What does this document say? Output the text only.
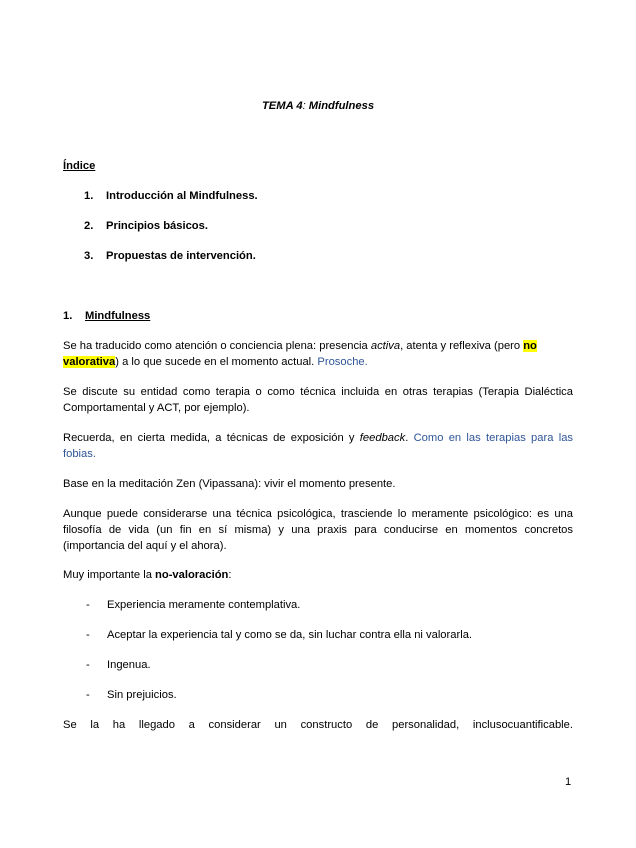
TEMA 4: Mindfulness
Índice
1. Introducción al Mindfulness.
2. Principios básicos.
3. Propuestas de intervención.
1. Mindfulness
Se ha traducido como atención o conciencia plena: presencia activa, atenta y reflexiva (pero no
valorativa) a lo que sucede en el momento actual. Prosoche.
Se discute su entidad como terapia o como técnica incluida en otras terapias (Terapia Dialéctica Comportamental y ACT, por ejemplo).
Recuerda, en cierta medida, a técnicas de exposición y feedback. Como en las terapias para las fobias.
Base en la meditación Zen (Vipassana): vivir el momento presente.
Aunque puede considerarse una técnica psicológica, trasciende lo meramente psicológico: es una filosofía de vida (un fin en sí misma) y una praxis para conducirse en momentos concretos (importancia del aquí y el ahora).
Muy importante la no-valoración:
- Experiencia meramente contemplativa.
- Aceptar la experiencia tal y como se da, sin luchar contra ella ni valorarla.
- Ingenua.
- Sin prejuicios.
Se la ha llegado a considerar un constructo de personalidad, inclusocuantificable.
1
